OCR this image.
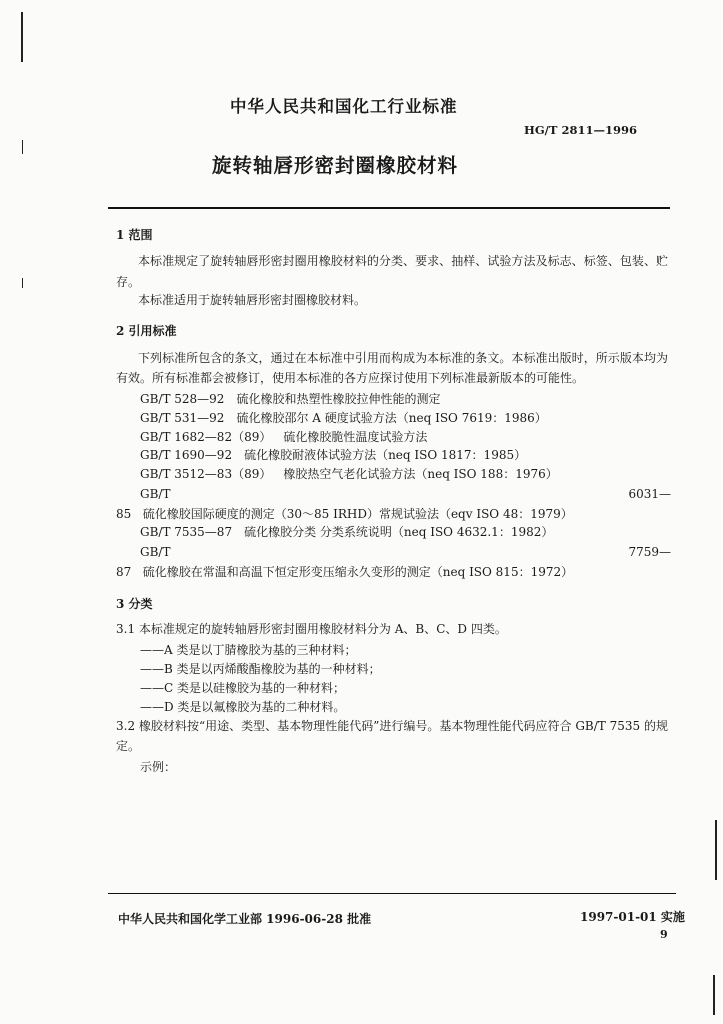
中华人民共和国化工行业标准
HG/T 2811—1996
旋转轴唇形密封圈橡胶材料
1 范围
本标准规定了旋转轴唇形密封圈用橡胶材料的分类、要求、抽样、试验方法及标志、标签、包装、贮存。
本标准适用于旋转轴唇形密封圈橡胶材料。
2 引用标准
下列标准所包含的条文，通过在本标准中引用而构成为本标准的条文。本标准出版时，所示版本均为有效。所有标准都会被修订，使用本标准的各方应探讨使用下列标准最新版本的可能性。
GB/T 528—92 硫化橡胶和热塑性橡胶拉伸性能的测定
GB/T 531—92 硫化橡胶邵尔 A 硬度试验方法（neq ISO 7619：1986）
GB/T 1682—82（89） 硫化橡胶脆性温度试验方法
GB/T 1690—92 硫化橡胶耐液体试验方法（neq ISO 1817：1985）
GB/T 3512—83（89） 橡胶热空气老化试验方法（neq ISO 188：1976）
GB/T 6031—85 硫化橡胶国际硬度的测定（30～85 IRHD）常规试验法（eqv ISO 48：1979）
GB/T 7535—87 硫化橡胶分类 分类系统说明（neq ISO 4632.1：1982）
GB/T 7759—87 硫化橡胶在常温和高温下恒定形变压缩永久变形的测定（neq ISO 815：1972）
3 分类
3.1 本标准规定的旋转轴唇形密封圈用橡胶材料分为 A、B、C、D 四类。
——A 类是以丁腈橡胶为基的三种材料；
——B 类是以丙烯酸酯橡胶为基的一种材料；
——C 类是以硅橡胶为基的一种材料；
——D 类是以氟橡胶为基的二种材料。
3.2 橡胶材料按“用途、类型、基本物理性能代码”进行编号。基本物理性能代码应符合 GB/T 7535 的规定。
示例：
中华人民共和国化学工业部 1996-06-28 批准	1997-01-01 实施
9
